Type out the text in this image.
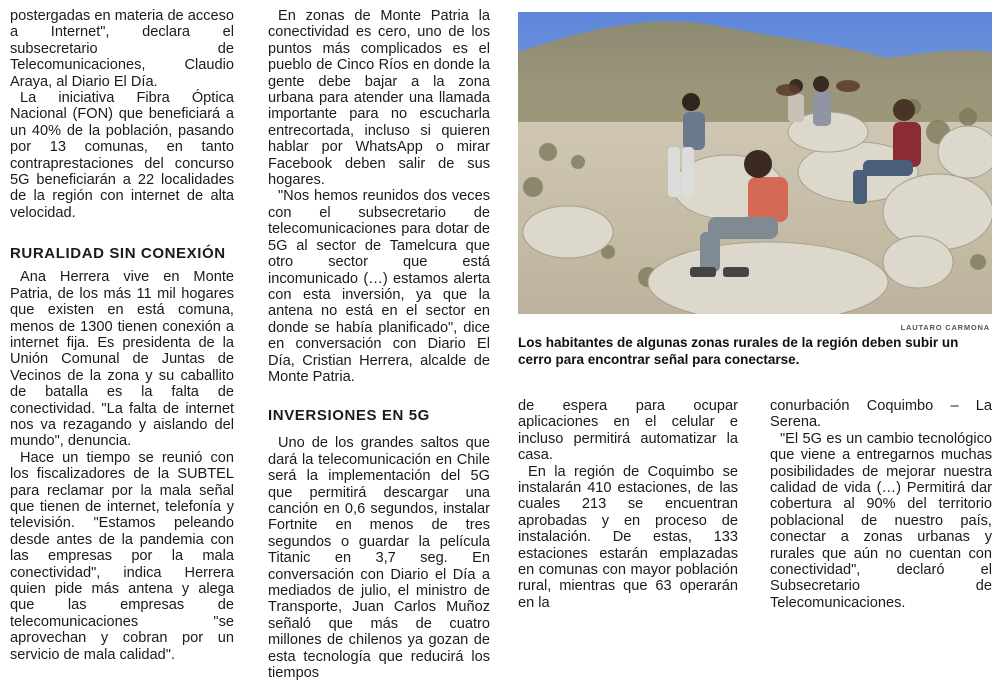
postergadas en materia de acceso a Internet", declara el subsecretario de Telecomunicaciones, Claudio Araya, al Diario El Día.

La iniciativa Fibra Óptica Nacional (FON) que beneficiará a un 40% de la población, pasando por 13 comunas, en tanto contraprestaciones del concurso 5G beneficiarán a 22 localidades de la región con internet de alta velocidad.

RURALIDAD SIN CONEXIÓN

Ana Herrera vive en Monte Patria, de los más 11 mil hogares que existen en está comuna, menos de 1300 tienen conexión a internet fija. Es presidenta de la Unión Comunal de Juntas de Vecinos de la zona y su caballito de batalla es la falta de conectividad. "La falta de internet nos va rezagando y aislando del mundo", denuncia.

Hace un tiempo se reunió con los fiscalizadores de la SUBTEL para reclamar por la mala señal que tienen de internet, telefonía y televisión. "Estamos peleando desde antes de la pandemia con las empresas por la mala conectividad", indica Herrera quien pide más antena y alega que las empresas de telecomunicaciones "se aprovechan y cobran por un servicio de mala calidad".

En zonas de Monte Patria la conectividad es cero, uno de los puntos más complicados es el pueblo de Cinco Ríos en donde la gente debe bajar a la zona urbana para atender una llamada importante para no escucharla entrecortada, incluso si quieren hablar por WhatsApp o mirar Facebook deben salir de sus hogares.

"Nos hemos reunidos dos veces con el subsecretario de telecomunicaciones para dotar de 5G al sector de Tamelcura que otro sector que está incomunicado (…) estamos alerta con esta inversión, ya que la antena no está en el sector en donde se había planificado", dice en conversación con Diario El Día, Cristian Herrera, alcalde de Monte Patria.

INVERSIONES EN 5G

Uno de los grandes saltos que dará la telecomunicación en Chile será la implementación del 5G que permitirá descargar una canción en 0,6 segundos, instalar Fortnite en menos de tres segundos o guardar la película Titanic en 3,7 seg. En conversación con Diario el Día a mediados de julio, el ministro de Transporte, Juan Carlos Muñoz señaló que más de cuatro millones de chilenos ya gozan de esta tecnología que reducirá los tiempos

LAUTARO CARMONA
Los habitantes de algunas zonas rurales de la región deben subir un cerro para encontrar señal para conectarse.

de espera para ocupar aplicaciones en el celular e incluso permitirá automatizar la casa.

En la región de Coquimbo se instalarán 410 estaciones, de las cuales 213 se encuentran aprobadas y en proceso de instalación. De estas, 133 estaciones estarán emplazadas en comunas con mayor población rural, mientras que 63 operarán en la

conurbación Coquimbo – La Serena.

"El 5G es un cambio tecnológico que viene a entregarnos muchas posibilidades de mejorar nuestra calidad de vida (…) Permitirá dar cobertura al 90% del territorio poblacional de nuestro país, conectar a zonas urbanas y rurales que aún no cuentan con conectividad", declaró el Subsecretario de Telecomunicaciones.
